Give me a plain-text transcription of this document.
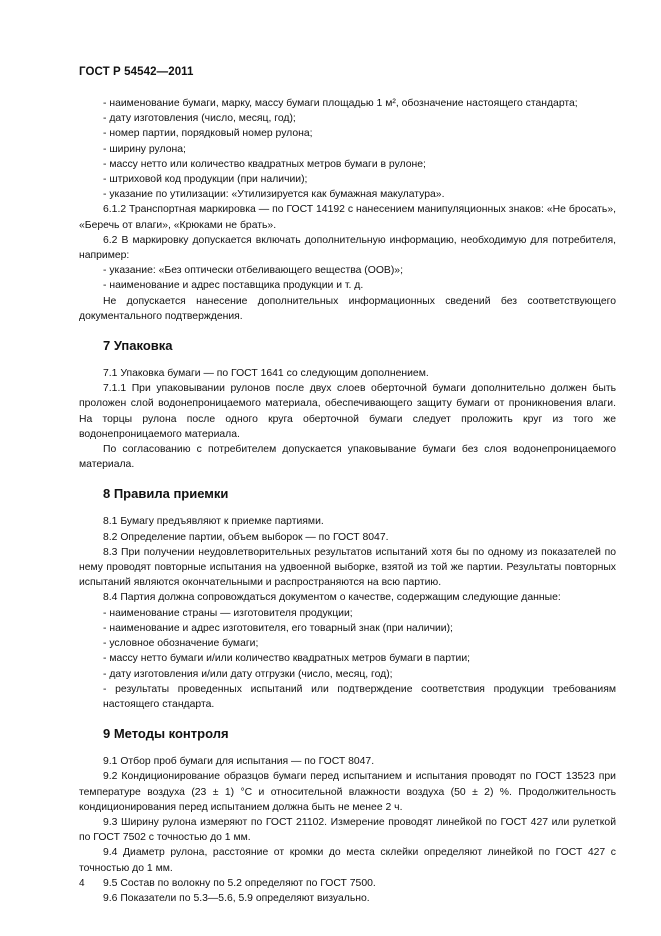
ГОСТ Р 54542—2011

- наименование бумаги, марку, массу бумаги площадью 1 м², обозначение настоящего стандарта;

- дату изготовления (число, месяц, год);

- номер партии, порядковый номер рулона;

- ширину рулона;

- массу нетто или количество квадратных метров бумаги в рулоне;

- штриховой код продукции (при наличии);

- указание по утилизации: «Утилизируется как бумажная макулатура».

6.1.2 Транспортная маркировка — по ГОСТ 14192 с нанесением манипуляционных знаков: «Не бросать», «Беречь от влаги», «Крюками не брать».

6.2 В маркировку допускается включать дополнительную информацию, необходимую для потребителя, например:

- указание: «Без оптически отбеливающего вещества (ООВ)»;

- наименование и адрес поставщика продукции и т. д.

Не допускается нанесение дополнительных информационных сведений без соответствующего документального подтверждения.

7 Упаковка

7.1 Упаковка бумаги — по ГОСТ 1641 со следующим дополнением.

7.1.1 При упаковывании рулонов после двух слоев оберточной бумаги дополнительно должен быть проложен слой водонепроницаемого материала, обеспечивающего защиту бумаги от проникновения влаги. На торцы рулона после одного круга оберточной бумаги следует проложить круг из того же водонепроницаемого материала.

По согласованию с потребителем допускается упаковывание бумаги без слоя водонепроницаемого материала.

8 Правила приемки

8.1 Бумагу предъявляют к приемке партиями.

8.2 Определение партии, объем выборок — по ГОСТ 8047.

8.3 При получении неудовлетворительных результатов испытаний хотя бы по одному из показателей по нему проводят повторные испытания на удвоенной выборке, взятой из той же партии. Результаты повторных испытаний являются окончательными и распространяются на всю партию.

8.4 Партия должна сопровождаться документом о качестве, содержащим следующие данные:

- наименование страны — изготовителя продукции;

- наименование и адрес изготовителя, его товарный знак (при наличии);

- условное обозначение бумаги;

- массу нетто бумаги и/или количество квадратных метров бумаги в партии;

- дату изготовления и/или дату отгрузки (число, месяц, год);

- результаты проведенных испытаний или подтверждение соответствия продукции требованиям настоящего стандарта.

9 Методы контроля

9.1 Отбор проб бумаги для испытания — по ГОСТ 8047.

9.2 Кондиционирование образцов бумаги перед испытанием и испытания проводят по ГОСТ 13523 при температуре воздуха (23 ± 1) °С и относительной влажности воздуха (50 ± 2) %. Продолжительность кондиционирования перед испытанием должна быть не менее 2 ч.

9.3 Ширину рулона измеряют по ГОСТ 21102. Измерение проводят линейкой по ГОСТ 427 или рулеткой по ГОСТ 7502 с точностью до 1 мм.

9.4 Диаметр рулона, расстояние от кромки до места склейки определяют линейкой по ГОСТ 427 с точностью до 1 мм.

9.5 Состав по волокну по 5.2 определяют по ГОСТ 7500.

9.6 Показатели по 5.3—5.6, 5.9 определяют визуально.

4
